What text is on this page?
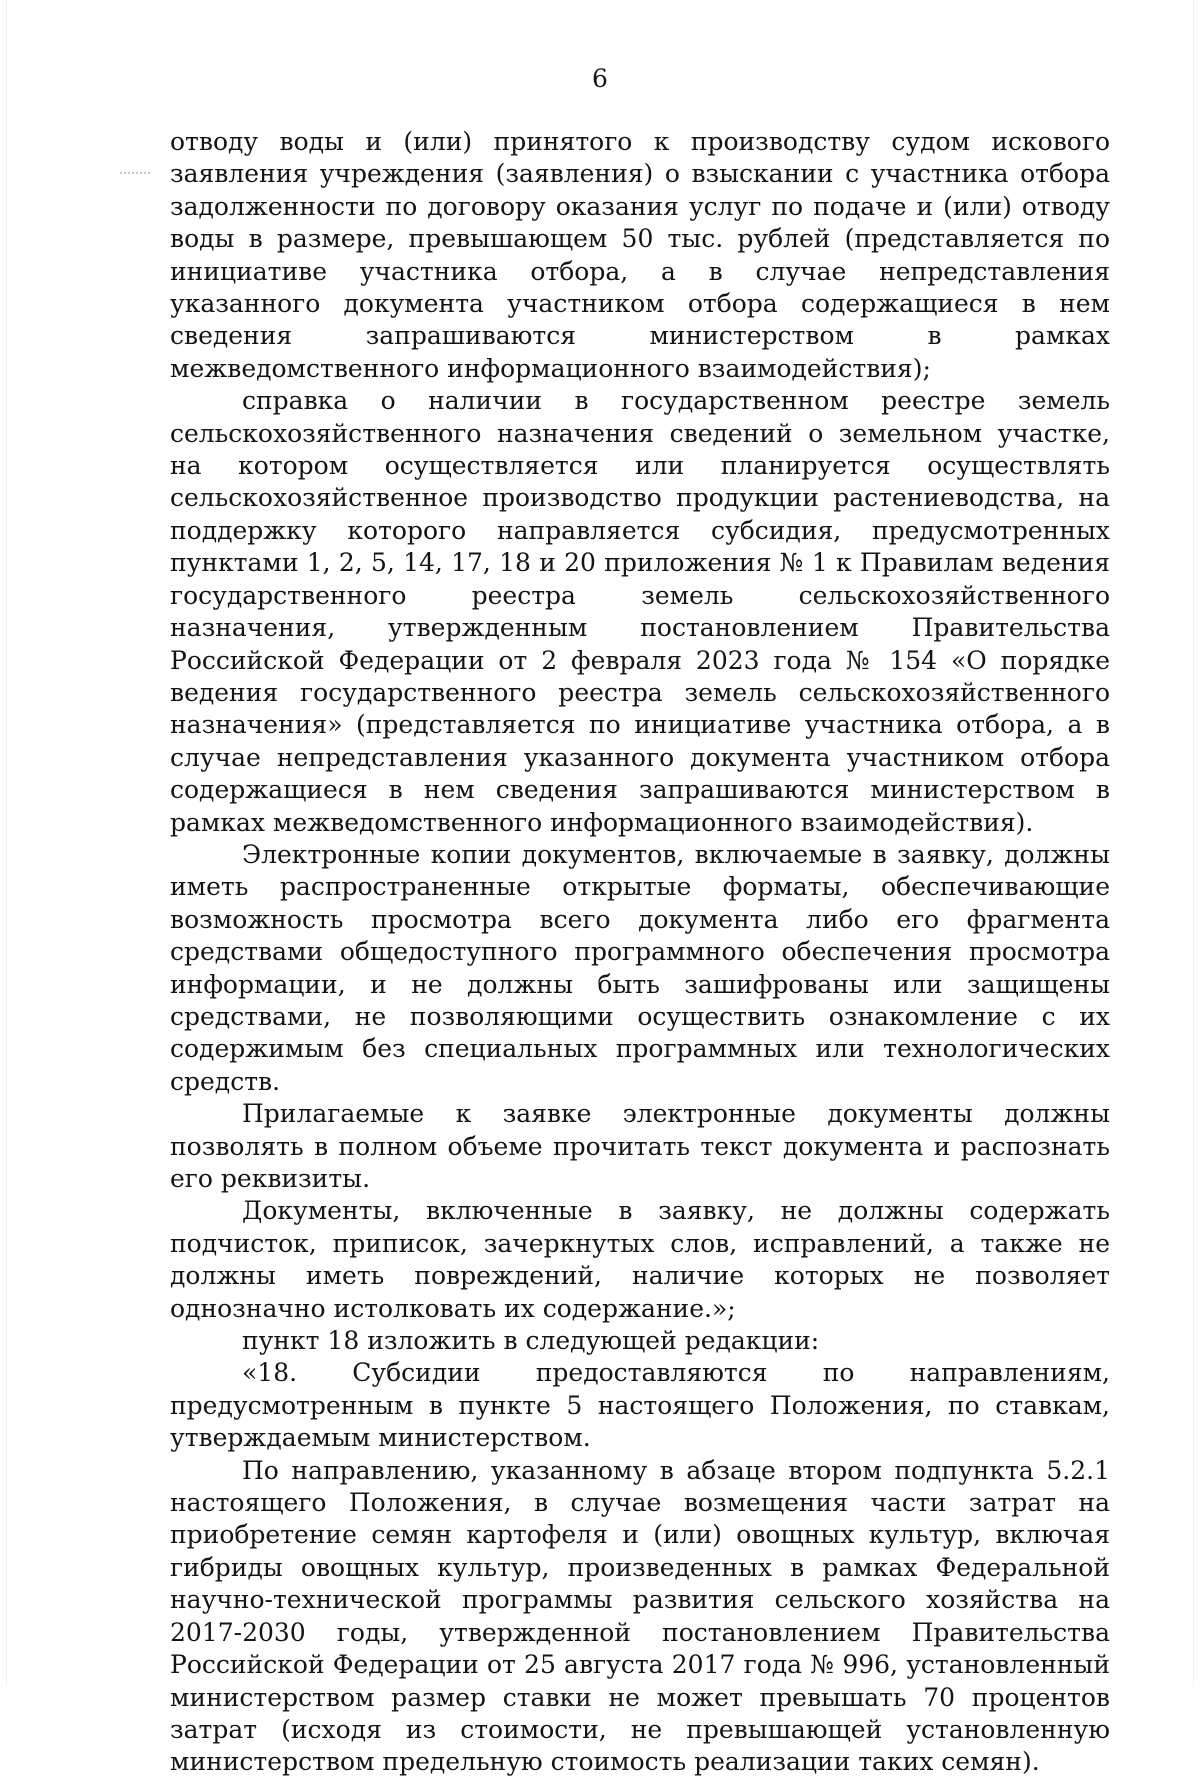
6

отводу воды и (или) принятого к производству судом искового заявления учреждения (заявления) о взыскании с участника отбора задолженности по договору оказания услуг по подаче и (или) отводу воды в размере, превышающем 50 тыс. рублей (представляется по инициативе участника отбора, а в случае непредставления указанного документа участником отбора содержащиеся в нем сведения запрашиваются министерством в рамках межведомственного информационного взаимодействия);

справка о наличии в государственном реестре земель сельскохозяйственного назначения сведений о земельном участке, на котором осуществляется или планируется осуществлять сельскохозяйственное производство продукции растениеводства, на поддержку которого направляется субсидия, предусмотренных пунктами 1, 2, 5, 14, 17, 18 и 20 приложения № 1 к Правилам ведения государственного реестра земель сельскохозяйственного назначения, утвержденным постановлением Правительства Российской Федерации от 2 февраля 2023 года № 154 «О порядке ведения государственного реестра земель сельскохозяйственного назначения» (представляется по инициативе участника отбора, а в случае непредставления указанного документа участником отбора содержащиеся в нем сведения запрашиваются министерством в рамках межведомственного информационного взаимодействия).

Электронные копии документов, включаемые в заявку, должны иметь распространенные открытые форматы, обеспечивающие возможность просмотра всего документа либо его фрагмента средствами общедоступного программного обеспечения просмотра информации, и не должны быть зашифрованы или защищены средствами, не позволяющими осуществить ознакомление с их содержимым без специальных программных или технологических средств.

Прилагаемые к заявке электронные документы должны позволять в полном объеме прочитать текст документа и распознать его реквизиты.

Документы, включенные в заявку, не должны содержать подчисток, приписок, зачеркнутых слов, исправлений, а также не должны иметь повреждений, наличие которых не позволяет однозначно истолковать их содержание.»;

пункт 18 изложить в следующей редакции:

«18. Субсидии предоставляются по направлениям, предусмотренным в пункте 5 настоящего Положения, по ставкам, утверждаемым министерством.

По направлению, указанному в абзаце втором подпункта 5.2.1 настоящего Положения, в случае возмещения части затрат на приобретение семян картофеля и (или) овощных культур, включая гибриды овощных культур, произведенных в рамках Федеральной научно-технической программы развития сельского хозяйства на 2017-2030 годы, утвержденной постановлением Правительства Российской Федерации от 25 августа 2017 года № 996, установленный министерством размер ставки не может превышать 70 процентов затрат (исходя из стоимости, не превышающей установленную министерством предельную стоимость реализации таких семян).
